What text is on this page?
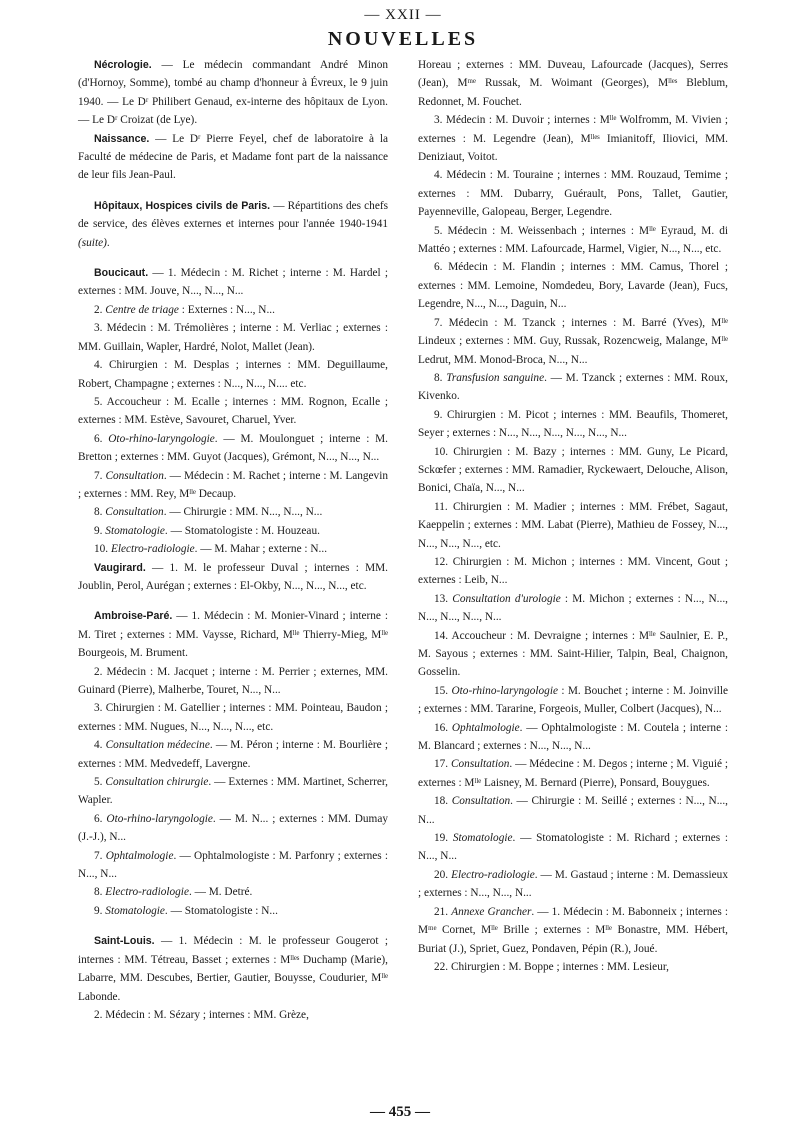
— XXII —
NOUVELLES

Nécrologie. — Le médecin commandant André Minon (d'Hornoy, Somme), tombé au champ d'honneur à Évreux, le 9 juin 1940. — Le Dʳ Philibert Genaud, ex-interne des hôpitaux de Lyon. — Le Dʳ Croizat (de Lye).

Naissance. — Le Dʳ Pierre Feyel, chef de laboratoire à la Faculté de médecine de Paris, et Madame font part de la naissance de leur fils Jean-Paul.

Hôpitaux, Hospices civils de Paris. — Répartitions des chefs de service, des élèves externes et internes pour l'année 1940-1941 (suite).

Boucicaut. — 1. Médecin : M. Richet ; interne : M. Hardel ; externes : MM. Jouve, N..., N..., N...

2. Centre de triage : Externes : N..., N...

3. Médecin : M. Trémolières ; interne : M. Verliac ; externes : MM. Guillain, Wapler, Hardré, Nolot, Mallet (Jean).

4. Chirurgien : M. Desplas ; internes : MM. Deguillaume, Robert, Champagne ; externes : N..., N..., N.... etc.

5. Accoucheur : M. Ecalle ; internes : MM. Rognon, Ecalle ; externes : MM. Estève, Savouret, Charuel, Yver.

6. Oto-rhino-laryngologie. — M. Moulonguet ; interne : M. Bretton ; externes : MM. Guyot (Jacques), Grémont, N..., N..., N...

7. Consultation. — Médecin : M. Rachet ; interne : M. Langevin ; externes : MM. Rey, Mˡˡᵉ Decaup.

8. Consultation. — Chirurgie : MM. N..., N..., N...

9. Stomatologie. — Stomatologiste : M. Houzeau.

10. Electro-radiologie. — M. Mahar ; externe : N...

Vaugirard. — 1. M. le professeur Duval ; internes : MM. Joublin, Perol, Aurégan ; externes : El-Okby, N..., N..., N..., etc.

Ambroise-Paré. — 1. Médecin : M. Monier-Vinard ; interne : M. Tiret ; externes : MM. Vaysse, Richard, Mˡˡᵉ Thierry-Mieg, Mˡˡᵉ Bourgeois, M. Brument.

2. Médecin : M. Jacquet ; interne : M. Perrier ; externes, MM. Guinard (Pierre), Malherbe, Touret, N..., N...

3. Chirurgien : M. Gatellier ; internes : MM. Pointeau, Baudon ; externes : MM. Nugues, N..., N..., N..., etc.

4. Consultation médecine. — M. Péron ; interne : M. Bourlière ; externes : MM. Medvedeff, Lavergne.

5. Consultation chirurgie. — Externes : MM. Martinet, Scherrer, Wapler.

6. Oto-rhino-laryngologie. — M. N... ; externes : MM. Dumay (J.-J.), N...

7. Ophtalmologie. — Ophtalmologiste : M. Parfonry ; externes : N..., N...

8. Electro-radiologie. — M. Detré.

9. Stomatologie. — Stomatologiste : N...

Saint-Louis. — 1. Médecin : M. le professeur Gougerot ; internes : MM. Tétreau, Basset ; externes : Mˡˡᵉˢ Duchamp (Marie), Labarre, MM. Descubes, Bertier, Gautier, Bouysse, Coudurier, Mˡˡᵉ Labonde.

2. Médecin : M. Sézary ; internes : MM. Grèze,

Horeau ; externes : MM. Duveau, Lafourcade (Jacques), Serres (Jean), Mᵐᵉ Russak, M. Woimant (Georges), Mˡˡᵉˢ Bleblum, Redonnet, M. Fouchet.

3. Médecin : M. Duvoir ; internes : Mˡˡᵉ Wolfromm, M. Vivien ; externes : M. Legendre (Jean), Mˡˡᵉˢ Imianitoff, Iliovici, MM. Deniziaut, Voitot.

4. Médecin : M. Touraine ; internes : MM. Rouzaud, Temime ; externes : MM. Dubarry, Guérault, Pons, Tallet, Gautier, Payenneville, Galopeau, Berger, Legendre.

5. Médecin : M. Weissenbach ; internes : Mˡˡᵉ Eyraud, M. di Mattéo ; externes : MM. Lafourcade, Harmel, Vigier, N..., N..., etc.

6. Médecin : M. Flandin ; internes : MM. Camus, Thorel ; externes : MM. Lemoine, Nomdedeu, Bory, Lavarde (Jean), Fucs, Legendre, N..., N..., Daguin, N...

7. Médecin : M. Tzanck ; internes : M. Barré (Yves), Mˡˡᵉ Lindeux ; externes : MM. Guy, Russak, Rozencweig, Malange, Mˡˡᵉ Ledrut, MM. Monod-Broca, N..., N...

8. Transfusion sanguine. — M. Tzanck ; externes : MM. Roux, Kivenko.

9. Chirurgien : M. Picot ; internes : MM. Beaufils, Thomeret, Seyer ; externes : N..., N..., N..., N..., N..., N...

10. Chirurgien : M. Bazy ; internes : MM. Guny, Le Picard, Sckœfer ; externes : MM. Ramadier, Ryckewaert, Delouche, Alison, Bonici, Chaïa, N..., N...

11. Chirurgien : M. Madier ; internes : MM. Frébet, Sagaut, Kaeppelin ; externes : MM. Labat (Pierre), Mathieu de Fossey, N..., N..., N..., N..., etc.

12. Chirurgien : M. Michon ; internes : MM. Vincent, Gout ; externes : Leib, N...

13. Consultation d'urologie : M. Michon ; externes : N..., N..., N..., N..., N..., N...

14. Accoucheur : M. Devraigne ; internes : Mˡˡᵉ Saulnier, E. P., M. Sayous ; externes : MM. Saint-Hilier, Talpin, Beal, Chaignon, Gosselin.

15. Oto-rhino-laryngologie : M. Bouchet ; interne : M. Joinville ; externes : MM. Tararine, Forgeois, Muller, Colbert (Jacques), N...

16. Ophtalmologie. — Ophtalmologiste : M. Coutela ; interne : M. Blancard ; externes : N..., N..., N...

17. Consultation. — Médecine : M. Degos ; interne ; M. Viguié ; externes : Mˡˡᵉ Laisney, M. Bernard (Pierre), Ponsard, Bouygues.

18. Consultation. — Chirurgie : M. Seillé ; externes : N..., N..., N...

19. Stomatologie. — Stomatologiste : M. Richard ; externes : N..., N...

20. Electro-radiologie. — M. Gastaud ; interne : M. Demassieux ; externes : N..., N..., N...

21. Annexe Grancher. — 1. Médecin : M. Babonneix ; internes : Mᵐᵉ Cornet, Mˡˡᵉ Brille ; externes : Mˡˡᵉ Bonastre, MM. Hébert, Buriat (J.), Spriet, Guez, Pondaven, Pépin (R.), Joué.

22. Chirurgien : M. Boppe ; internes : MM. Lesieur,

— 455 —
